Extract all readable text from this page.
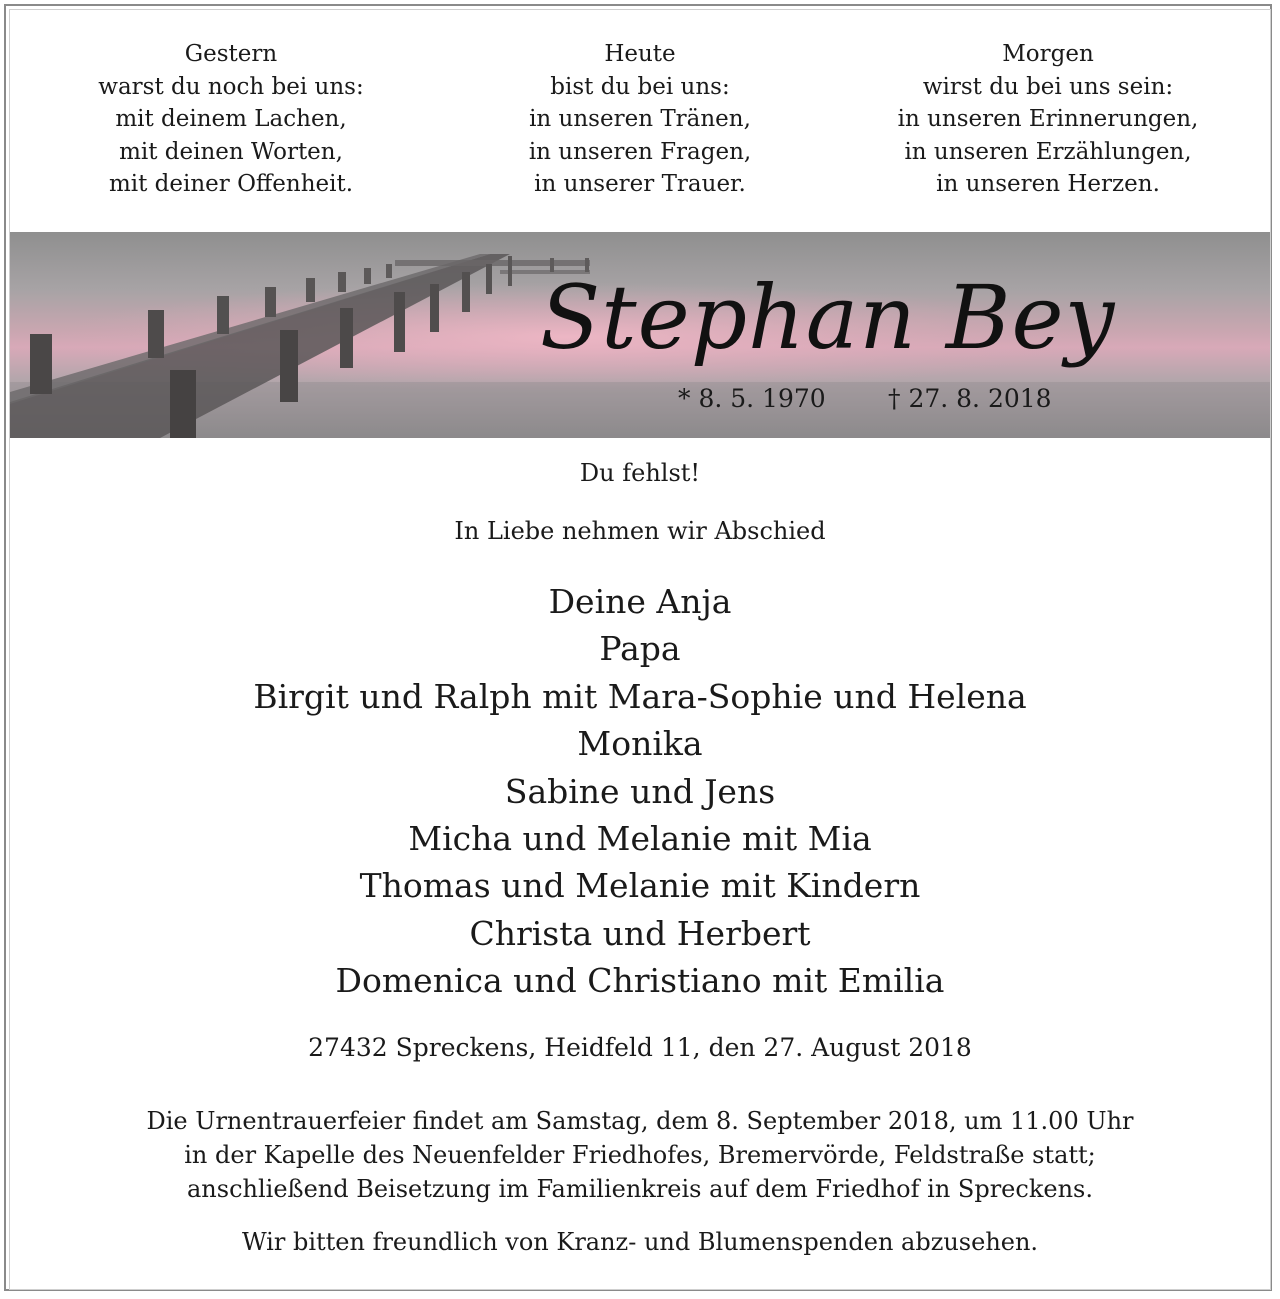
Gestern
warst du noch bei uns:
mit deinem Lachen,
mit deinen Worten,
mit deiner Offenheit.
Heute
bist du bei uns:
in unseren Tränen,
in unseren Fragen,
in unserer Trauer.
Morgen
wirst du bei uns sein:
in unseren Erinnerungen,
in unseren Erzählungen,
in unseren Herzen.
Stephan Bey
* 8. 5. 1970 † 27. 8. 2018
Du fehlst!
In Liebe nehmen wir Abschied
Deine Anja
Papa
Birgit und Ralph mit Mara-Sophie und Helena
Monika
Sabine und Jens
Micha und Melanie mit Mia
Thomas und Melanie mit Kindern
Christa und Herbert
Domenica und Christiano mit Emilia
27432 Spreckens, Heidfeld 11, den 27. August 2018
Die Urnentrauerfeier findet am Samstag, dem 8. September 2018, um 11.00 Uhr
in der Kapelle des Neuenfelder Friedhofes, Bremervörde, Feldstraße statt;
anschließend Beisetzung im Familienkreis auf dem Friedhof in Spreckens.
Wir bitten freundlich von Kranz- und Blumenspenden abzusehen.
